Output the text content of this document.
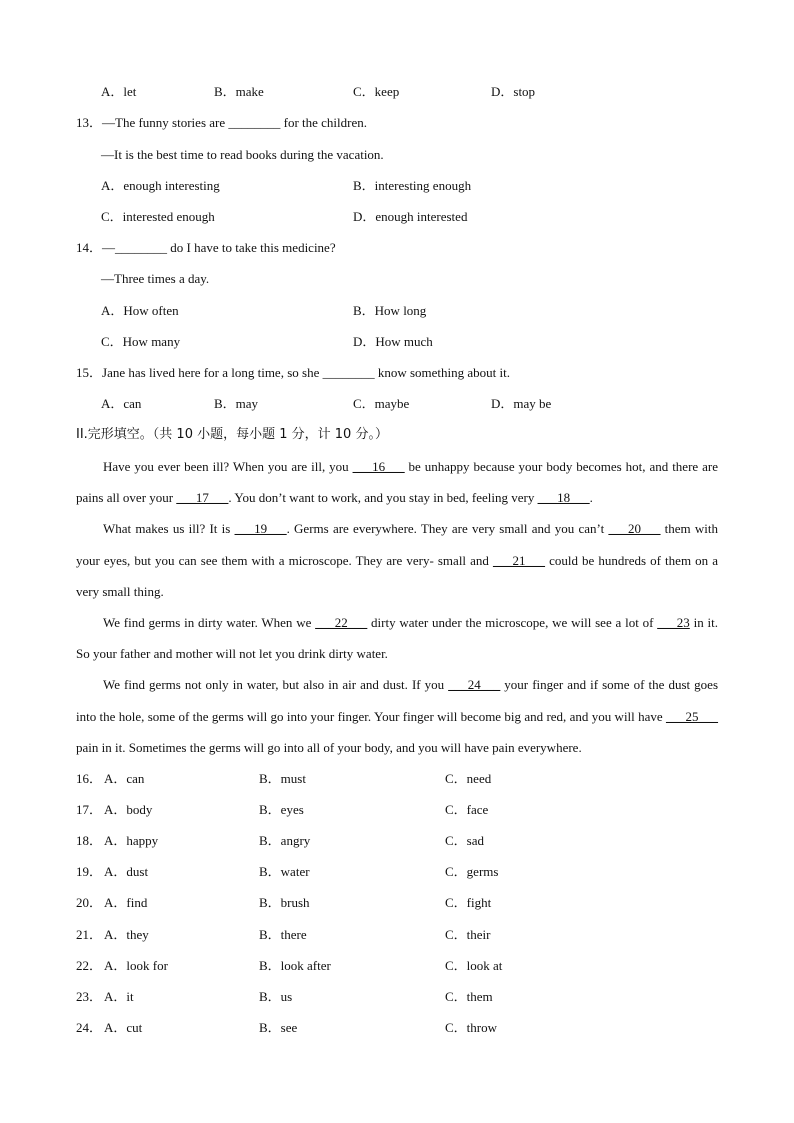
A．let	B．make	C．keep	D．stop
13．—The funny stories are ________ for the children.
—It is the best time to read books during the vacation.
A．enough interesting	B．interesting enough
C．interested enough	D．enough interested
14．—________ do I have to take this medicine?
—Three times a day.
A．How often	B．How long
C．How many	D．How much
15．Jane has lived here for a long time, so she ________ know something about it.
A．can	B．may	C．maybe	D．may be
II.完形填空。（共 10 小题，每小题 1 分，计 10 分。）

Have you ever been ill? When you are ill, you ___16___ be unhappy because your body becomes hot, and there are pains all over your ___17___. You don’t want to work, and you stay in bed, feeling very ___18___.

What makes us ill? It is ___19___. Germs are everywhere. They are very small and you can’t ___20___ them with your eyes, but you can see them with a microscope. They are very- small and ___21___ could be hundreds of them on a very small thing.

We find germs in dirty water. When we ___22___ dirty water under the microscope, we will see a lot of ___23 in it. So your father and mother will not let you drink dirty water.

We find germs not only in water, but also in air and dust. If you ___24___ your finger and if some of the dust goes into the hole, some of the germs will go into your finger. Your finger will become big and red, and you will have ___25___ pain in it. Sometimes the germs will go into all of your body, and you will have pain everywhere.

16． A．can	B．must	C．need
17． A．body	B．eyes	C．face
18． A．happy	B．angry	C．sad
19． A．dust	B．water	C．germs
20． A．find	B．brush	C．fight
21． A．they	B．there	C．their
22． A．look for	B．look after	C．look at
23． A．it	B．us	C．them
24． A．cut	B．see	C．throw
